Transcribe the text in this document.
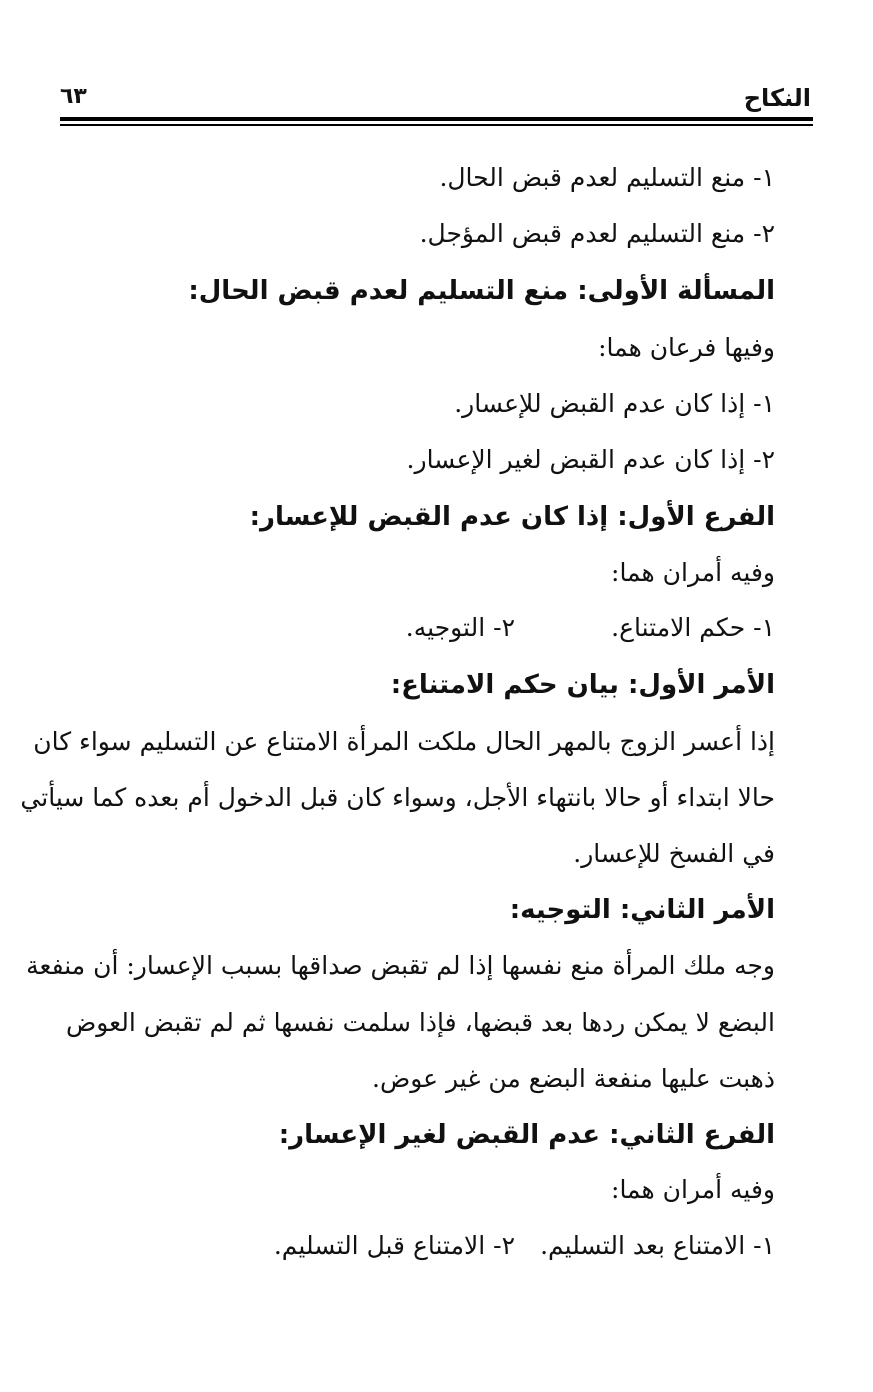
النكاح
٦٣
١- منع التسليم لعدم قبض الحال.
٢- منع التسليم لعدم قبض المؤجل.
المسألة الأولى: منع التسليم لعدم قبض الحال:
وفيها فرعان هما:
١- إذا كان عدم القبض للإعسار.
٢- إذا كان عدم القبض لغير الإعسار.
الفرع الأول: إذا كان عدم القبض للإعسار:
وفيه أمران هما:
١- حكم الامتناع.٢- التوجيه.
الأمر الأول: بيان حكم الامتناع:
إذا أعسر الزوج بالمهر الحال ملكت المرأة الامتناع عن التسليم سواء كان
حالا ابتداء أو حالا بانتهاء الأجل، وسواء كان قبل الدخول أم بعده كما سيأتي
في الفسخ للإعسار.
الأمر الثاني: التوجيه:
وجه ملك المرأة منع نفسها إذا لم تقبض صداقها بسبب الإعسار: أن منفعة
البضع لا يمكن ردها بعد قبضها، فإذا سلمت نفسها ثم لم تقبض العوض
ذهبت عليها منفعة البضع من غير عوض.
الفرع الثاني: عدم القبض لغير الإعسار:
وفيه أمران هما:
١- الامتناع بعد التسليم.٢- الامتناع قبل التسليم.
